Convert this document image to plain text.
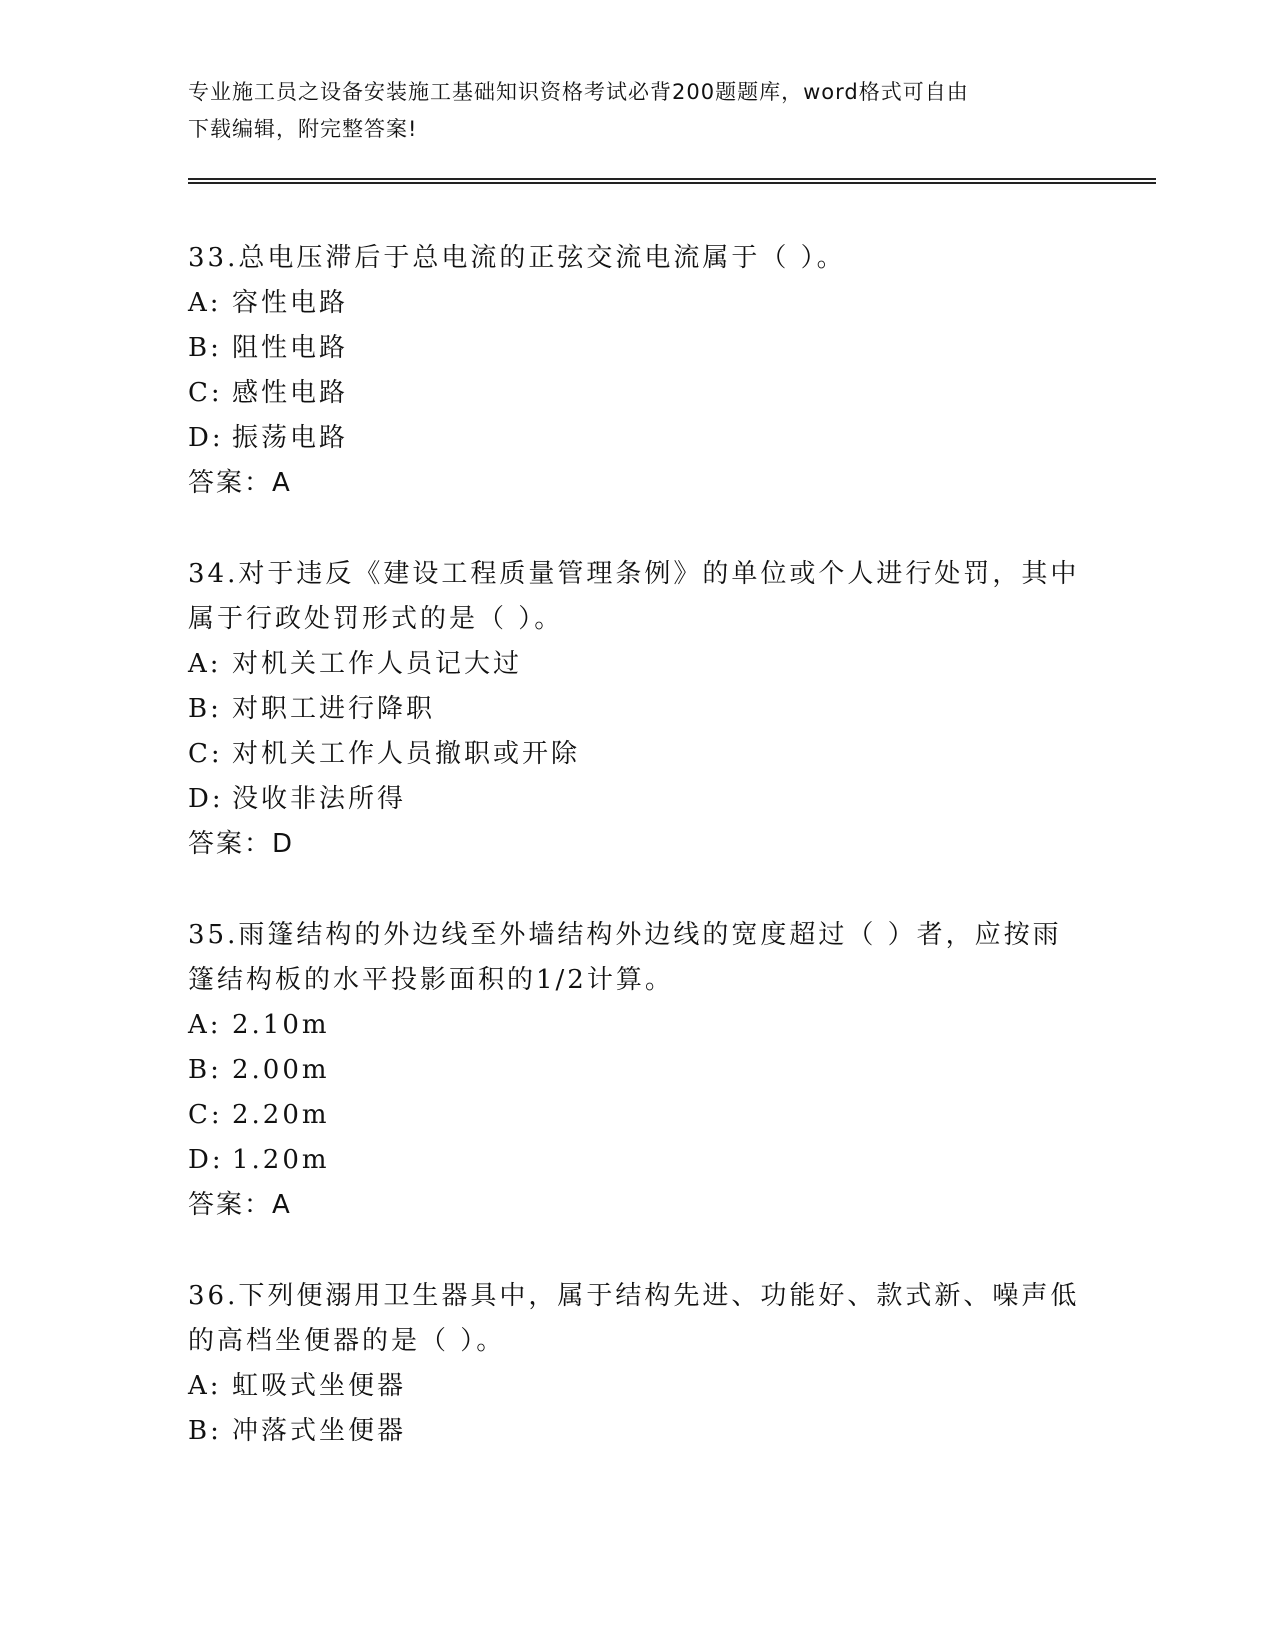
专业施工员之设备安装施工基础知识资格考试必背200题题库，word格式可自由
下载编辑，附完整答案!
33.总电压滞后于总电流的正弦交流电流属于（ ）。
A: 容性电路
B: 阻性电路
C: 感性电路
D: 振荡电路
答案：A
34.对于违反《建设工程质量管理条例》的单位或个人进行处罚，其中
属于行政处罚形式的是（ ）。
A: 对机关工作人员记大过
B: 对职工进行降职
C: 对机关工作人员撤职或开除
D: 没收非法所得
答案：D
35.雨篷结构的外边线至外墙结构外边线的宽度超过（ ）者，应按雨
篷结构板的水平投影面积的1/2计算。
A: 2.10m
B: 2.00m
C: 2.20m
D: 1.20m
答案：A
36.下列便溺用卫生器具中，属于结构先进、功能好、款式新、噪声低
的高档坐便器的是（ ）。
A: 虹吸式坐便器
B: 冲落式坐便器
